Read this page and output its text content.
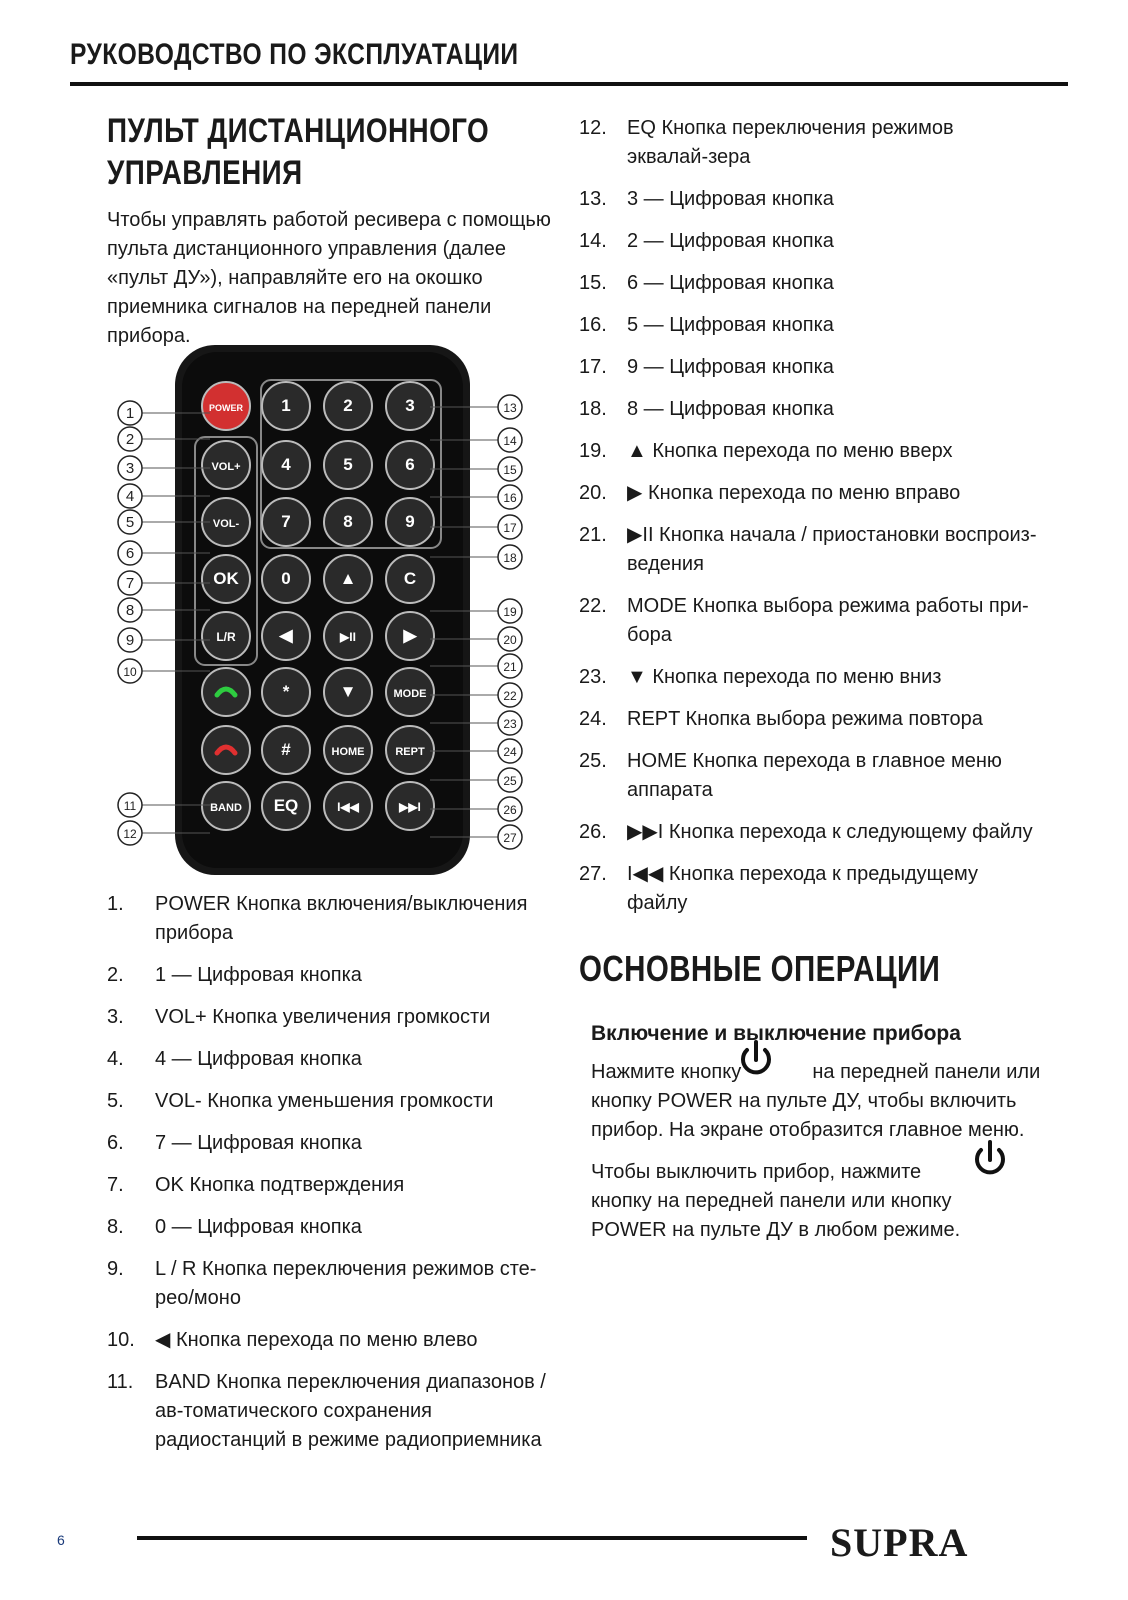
РУКОВОДСТВО ПО ЭКСПЛУАТАЦИИ
ПУЛЬТ ДИСТАНЦИОННОГО
УПРАВЛЕНИЯ
Чтобы управлять работой ресивера с помощью пульта дистанционного управления (далее «пульт ДУ»), направляйте его на окошко приемника сигналов на передней панели прибора.
POWER 1	2	3
VOL+ 4	5	6
VOL- 7	8	9
OK	0	▲	C
L/R	◀	▶II	▶
*	▼	MODE
#	HOME	REPT
BAND EQ	I◀◀	▶▶I
1
2
3
4
5
6
7
8
9
10
11
12
13
14
15
16
17
18
19
20
21
22
23
24
25
26
27
1. POWER Кнопка включения/выключения прибора
2. 1 — Цифровая кнопка
3. VOL+ Кнопка увеличения громкости
4. 4 — Цифровая кнопка
5. VOL- Кнопка уменьшения громкости
6. 7 — Цифровая кнопка
7. OK Кнопка подтверждения
8. 0 — Цифровая кнопка
9. L / R Кнопка переключения режимов сте-рео/моно
10. ◀ Кнопка перехода по меню влево
11. BAND Кнопка переключения диапазонов / ав-томатического сохранения радиостанций в режиме радиоприемника
12. EQ Кнопка переключения режимов эквалай-зера
13. 3 — Цифровая кнопка
14. 2 — Цифровая кнопка
15. 6 — Цифровая кнопка
16. 5 — Цифровая кнопка
17. 9 — Цифровая кнопка
18. 8 — Цифровая кнопка
19. ▲ Кнопка перехода по меню вверх
20. ▶ Кнопка перехода по меню вправо
21. ▶II Кнопка начала / приостановки воспроиз-ведения
22. MODE Кнопка выбора режима работы при-бора
23. ▼ Кнопка перехода по меню вниз
24. REPT Кнопка выбора режима повтора
25. HOME Кнопка перехода в главное меню аппарата
26. ▶▶I Кнопка перехода к следующему файлу
27. I◀◀ Кнопка перехода к предыдущему файлу
ОСНОВНЫЕ ОПЕРАЦИИ
Включение и выключение прибора
Нажмите кнопку	на передней панели или кнопку POWER на пульте ДУ, чтобы включить прибор. На экране отобразится главное меню.
Чтобы выключить прибор, нажмите кнопку на передней панели или кнопку POWER на пульте ДУ в любом режиме.
6	SUPRA
